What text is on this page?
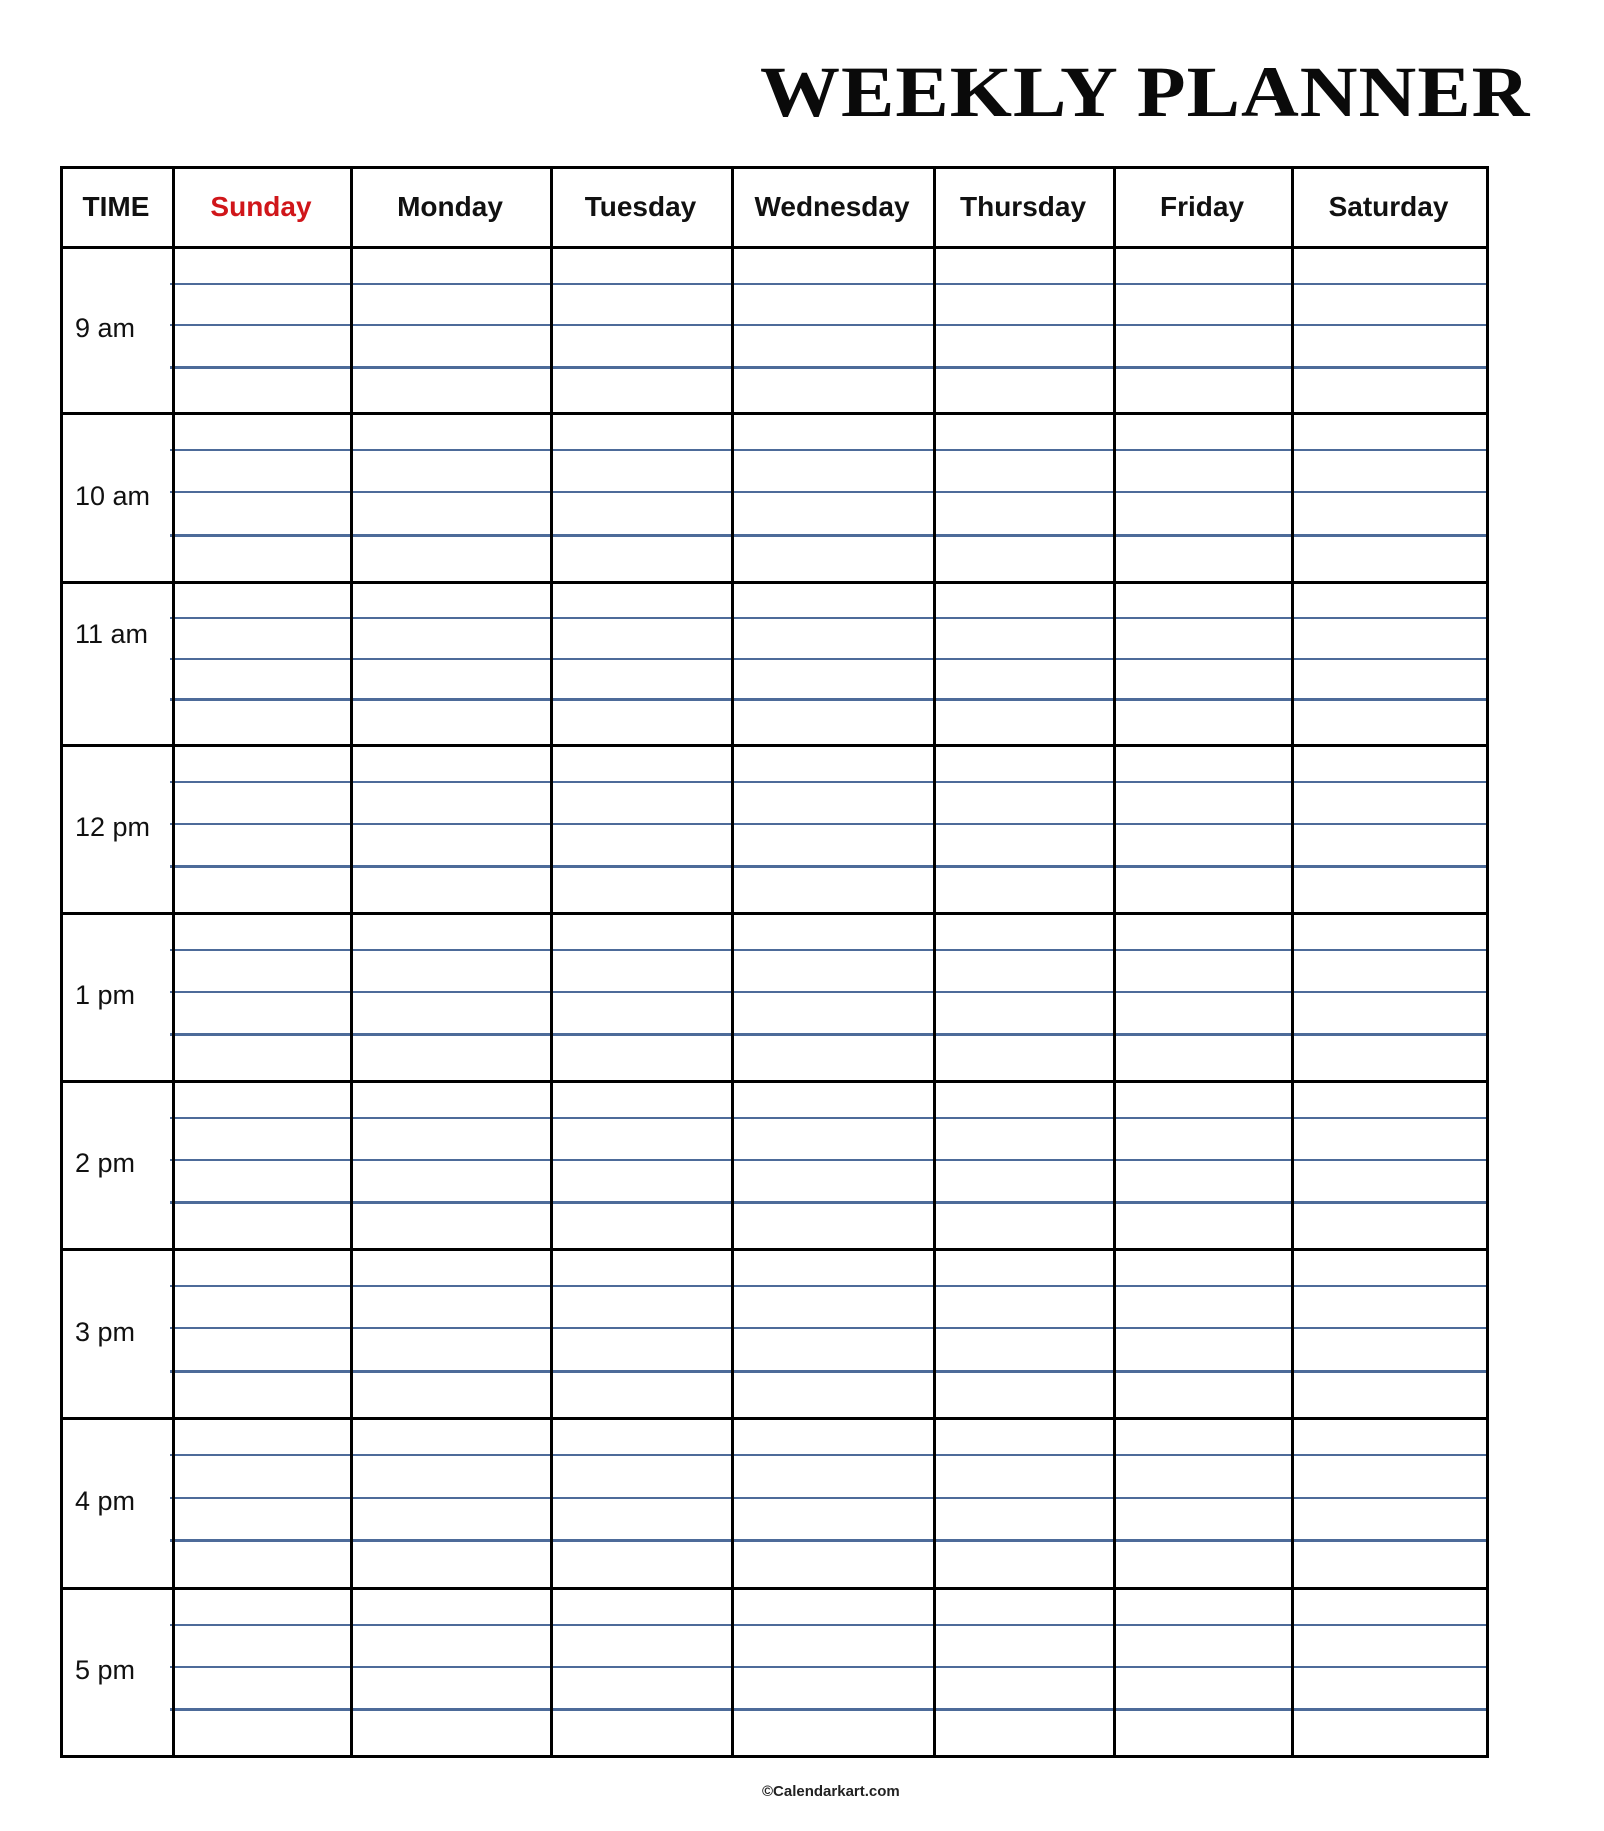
WEEKLY PLANNER
TIME	Sunday	Monday	Tuesday	Wednesday	Thursday	Friday	Saturday
9 am
10 am
11 am
12 pm
1 pm
2 pm
3 pm
4 pm
5 pm
©Calendarkart.com
